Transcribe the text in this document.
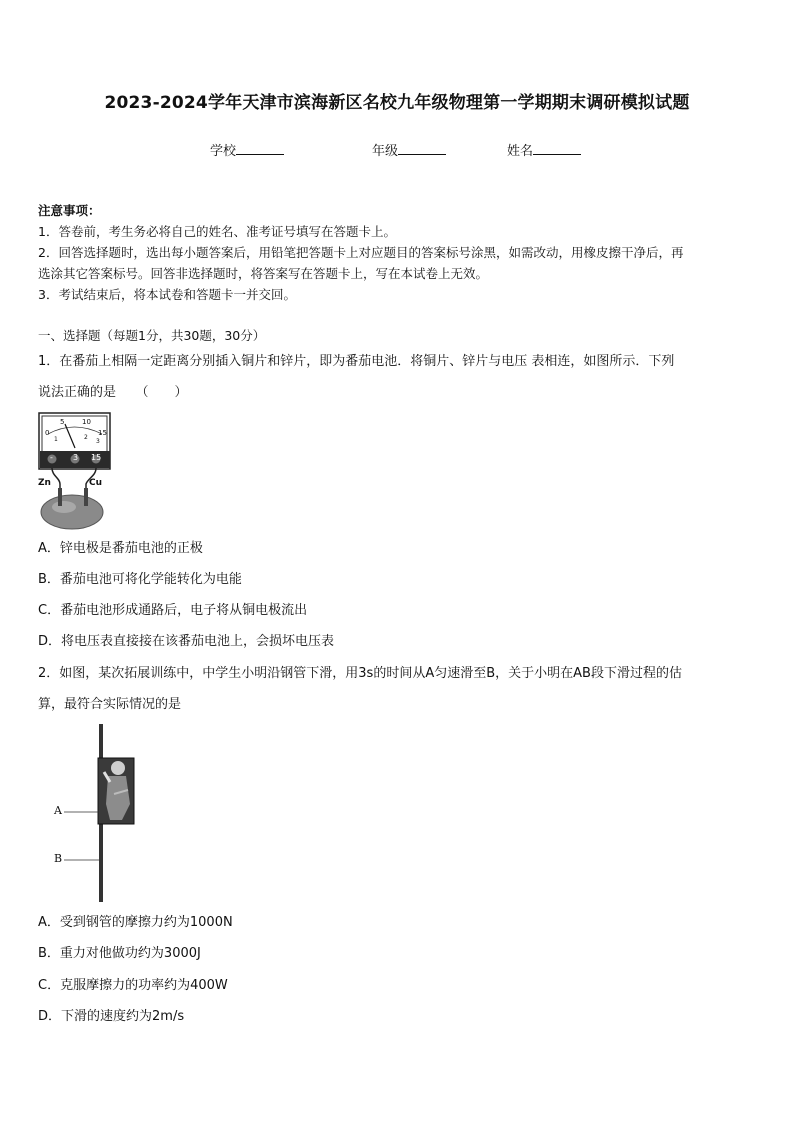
2023-2024学年天津市滨海新区名校九年级物理第一学期期末调研模拟试题
学校	年级	姓名
注意事项：
1．答卷前，考生务必将自己的姓名、准考证号填写在答题卡上。
2．回答选择题时，选出每小题答案后，用铅笔把答题卡上对应题目的答案标号涂黑，如需改动，用橡皮擦干净后，再
选涂其它答案标号。回答非选择题时，将答案写在答题卡上，写在本试卷上无效。
3．考试结束后，将本试卷和答题卡一并交回。
一、选择题（每题1分，共30题，30分）
1．在番茄上相隔一定距离分别插入铜片和锌片，即为番茄电池．将铜片、锌片与电压 表相连，如图所示．下列
说法正确的是　　（　　）
0
5	10
15
1	2
3
-	3 15
Zn	Cu
A．锌电极是番茄电池的正极
B．番茄电池可将化学能转化为电能
C．番茄电池形成通路后，电子将从铜电极流出
D．将电压表直接接在该番茄电池上，会损坏电压表
2．如图，某次拓展训练中，中学生小明沿钢管下滑，用3s的时间从A匀速滑至B，关于小明在AB段下滑过程的估
算，最符合实际情况的是
A
B
A．受到钢管的摩擦力约为1000N
B．重力对他做功约为3000J
C．克服摩擦力的功率约为400W
D．下滑的速度约为2m/s
